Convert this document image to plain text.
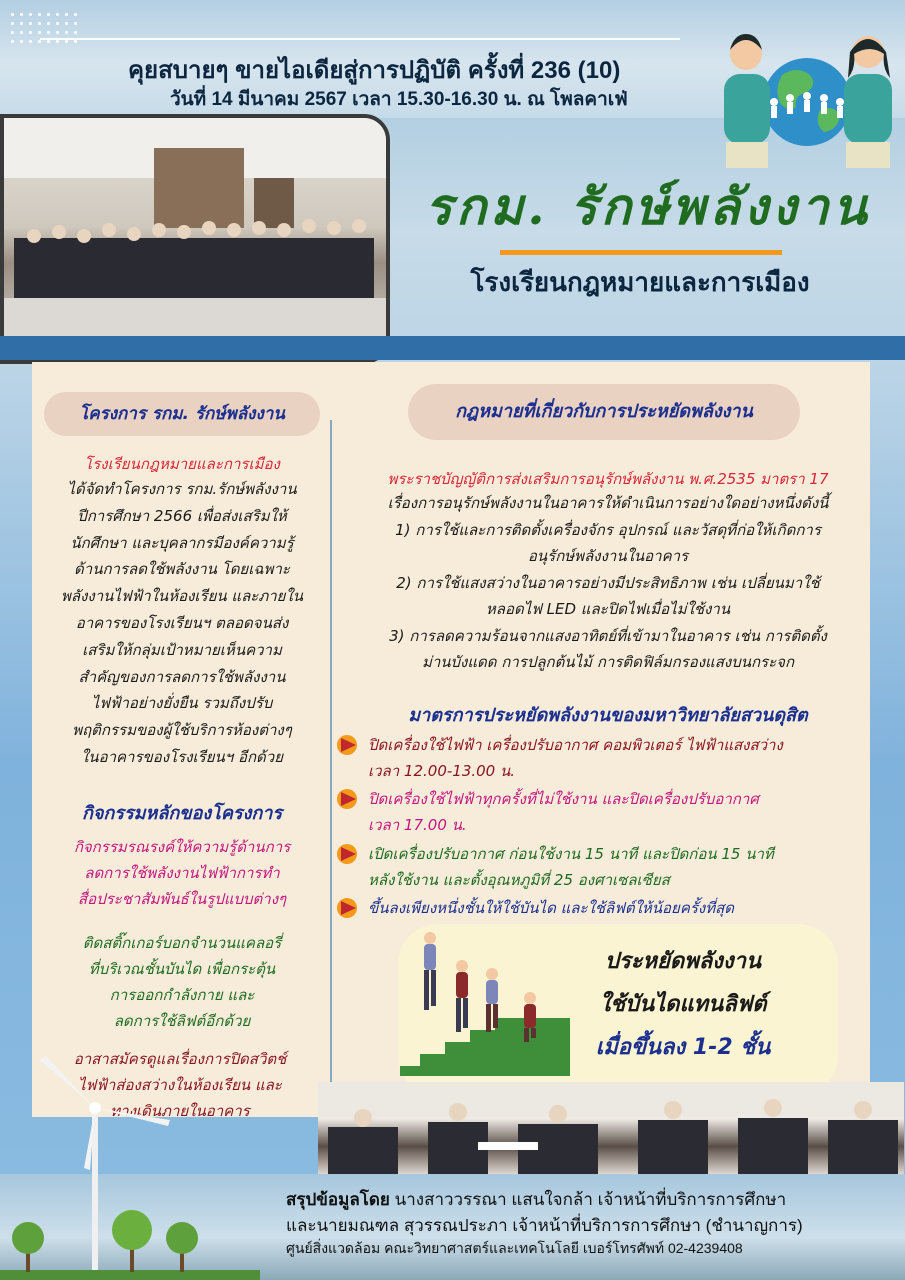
คุยสบายๆ ขายไอเดียสู่การปฏิบัติ ครั้งที่ 236 (10)
วันที่ 14 มีนาคม 2567 เวลา 15.30-16.30 น. ณ โพลคาเฟ่
รกม. รักษ์พลังงาน
โรงเรียนกฎหมายและการเมือง
โครงการ รกม. รักษ์พลังงาน	กฎหมายที่เกี่ยวกับการประหยัดพลังงาน
โรงเรียนกฎหมายและการเมือง
ได้จัดทำโครงการ รกม.รักษ์พลังงาน
ปีการศึกษา 2566 เพื่อส่งเสริมให้
นักศึกษา และบุคลากรมีองค์ความรู้
ด้านการลดใช้พลังงาน โดยเฉพาะ
พลังงานไฟฟ้าในห้องเรียน และภายใน
อาคารของโรงเรียนฯ ตลอดจนส่ง
เสริมให้กลุ่มเป้าหมายเห็นความ
สำคัญของการลดการใช้พลังงาน
ไฟฟ้าอย่างยั่งยืน รวมถึงปรับ
พฤติกรรมของผู้ใช้บริการห้องต่างๆ
ในอาคารของโรงเรียนฯ อีกด้วย
กิจกรรมหลักของโครงการ
กิจกรรมรณรงค์ให้ความรู้ด้านการ
ลดการใช้พลังงานไฟฟ้าการทำ
สื่อประชาสัมพันธ์ในรูปแบบต่างๆ
ติดสติ๊กเกอร์บอกจำนวนแคลอรี่
ที่บริเวณชั้นบันได เพื่อกระตุ้น
การออกกำลังกาย และ
ลดการใช้ลิฟต์อีกด้วย
อาสาสมัครดูแลเรื่องการปิดสวิตช์
ไฟฟ้าส่องสว่างในห้องเรียน และ
ทางเดินภายในอาคาร
พระราชบัญญัติการส่งเสริมการอนุรักษ์พลังงาน พ.ศ.2535 มาตรา 17
เรื่องการอนุรักษ์พลังงานในอาคารให้ดำเนินการอย่างใดอย่างหนึ่งดังนี้
1) การใช้และการติดตั้งเครื่องจักร อุปกรณ์ และวัสดุที่ก่อให้เกิดการ
อนุรักษ์พลังงานในอาคาร
2) การใช้แสงสว่างในอาคารอย่างมีประสิทธิภาพ เช่น เปลี่ยนมาใช้
หลอดไฟ LED และปิดไฟเมื่อไม่ใช้งาน
3) การลดความร้อนจากแสงอาทิตย์ที่เข้ามาในอาคาร เช่น การติดตั้ง
ม่านบังแดด การปลูกต้นไม้ การติดฟิล์มกรองแสงบนกระจก
มาตรการประหยัดพลังงานของมหาวิทยาลัยสวนดุสิต
ปิดเครื่องใช้ไฟฟ้า เครื่องปรับอากาศ คอมพิวเตอร์ ไฟฟ้าแสงสว่าง
เวลา 12.00-13.00 น.
ปิดเครื่องใช้ไฟฟ้าทุกครั้งที่ไม่ใช้งาน และปิดเครื่องปรับอากาศ
เวลา 17.00 น.
เปิดเครื่องปรับอากาศ ก่อนใช้งาน 15 นาที และปิดก่อน 15 นาที
หลังใช้งาน และตั้งอุณหภูมิที่ 25 องศาเซลเซียส
ขึ้นลงเพียงหนึ่งชั้นให้ใช้บันได และใช้ลิฟต์ให้น้อยครั้งที่สุด
ประหยัดพลังงาน
ใช้บันไดแทนลิฟต์
เมื่อขึ้นลง 1-2 ชั้น
สรุปข้อมูลโดย นางสาววรรณา แสนใจกล้า เจ้าหน้าที่บริการการศึกษา
และนายมณฑล สุวรรณประภา เจ้าหน้าที่บริการการศึกษา (ชำนาญการ)
ศูนย์สิ่งแวดล้อม คณะวิทยาศาสตร์และเทคโนโลยี เบอร์โทรศัพท์ 02-4239408
